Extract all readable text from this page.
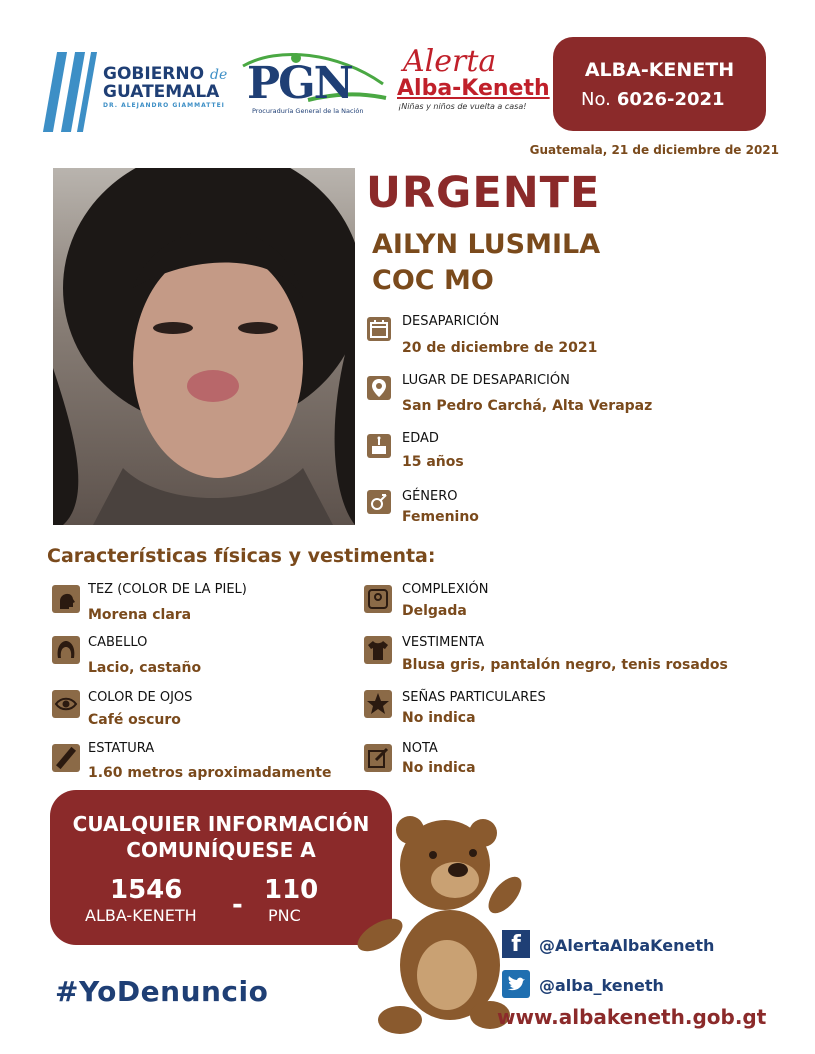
GOBIERNO de
GUATEMALA
DR. ALEJANDRO GIAMMATTEI PGN
Procuraduría General de la Nación
Alerta
Alba-Keneth
¡Niñas y niños de vuelta a casa!
ALBA-KENETH
No. 6026-2021
Guatemala, 21 de diciembre de 2021
URGENTE
AILYN LUSMILA
COC MO
DESAPARICIÓN
20 de diciembre de 2021
LUGAR DE DESAPARICIÓN
San Pedro Carchá, Alta Verapaz
EDAD
15 años
GÉNERO
Femenino
Características físicas y vestimenta:
TEZ (COLOR DE LA PIEL)
Morena clara
CABELLO
Lacio, castaño
COLOR DE OJOS
Café oscuro
ESTATURA
1.60 metros aproximadamente
COMPLEXIÓN
Delgada
VESTIMENTA
Blusa gris, pantalón negro, tenis rosados
SEÑAS PARTICULARES
No indica
NOTA
No indica
CUALQUIER INFORMACIÓN
COMUNÍQUESE A
1546
ALBA-KENETH - 110
PNC
#YoDenuncio
f	@AlertaAlbaKeneth
@alba_keneth
www.albakeneth.gob.gt
